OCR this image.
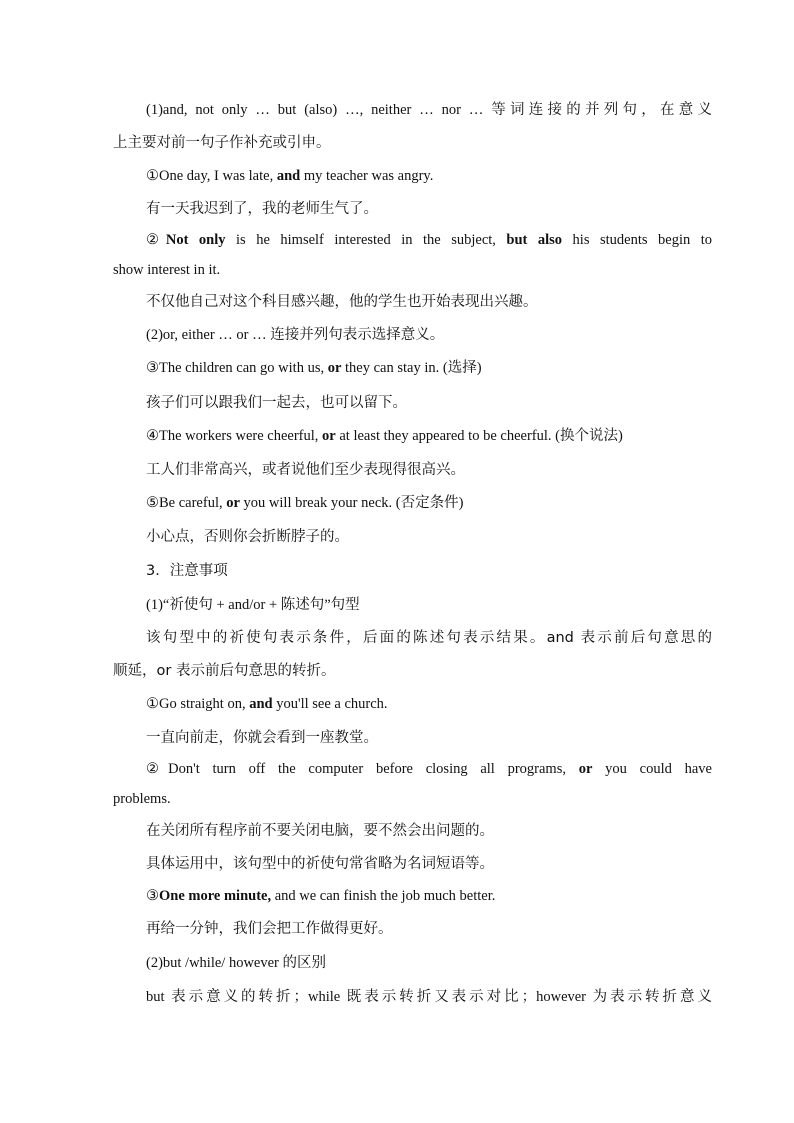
(1)and, not only … but (also) …, neither … nor … 等词连接的并列句，在意义
上主要对前一句子作补充或引申。
①One day, I was late, and my teacher was angry.
有一天我迟到了，我的老师生气了。
②Not only is he himself interested in the subject, but also his students begin to
show interest in it.
不仅他自己对这个科目感兴趣，他的学生也开始表现出兴趣。
(2)or, either … or … 连接并列句表示选择意义。
③The children can go with us, or they can stay in. (选择)
孩子们可以跟我们一起去，也可以留下。
④The workers were cheerful, or at least they appeared to be cheerful. (换个说法)
工人们非常高兴，或者说他们至少表现得很高兴。
⑤Be careful, or you will break your neck. (否定条件)
小心点，否则你会折断脖子的。
3．注意事项
(1)“祈使句 + and/or + 陈述句”句型
该句型中的祈使句表示条件，后面的陈述句表示结果。and 表示前后句意思的
顺延，or 表示前后句意思的转折。
①Go straight on, and you'll see a church.
一直向前走，你就会看到一座教堂。
②Don't turn off the computer before closing all programs, or you could have
problems.
在关闭所有程序前不要关闭电脑，要不然会出问题的。
具体运用中，该句型中的祈使句常省略为名词短语等。
③One more minute, and we can finish the job much better.
再给一分钟，我们会把工作做得更好。
(2)but /while/ however 的区别
but 表示意义的转折；while 既表示转折又表示对比；however 为表示转折意义
